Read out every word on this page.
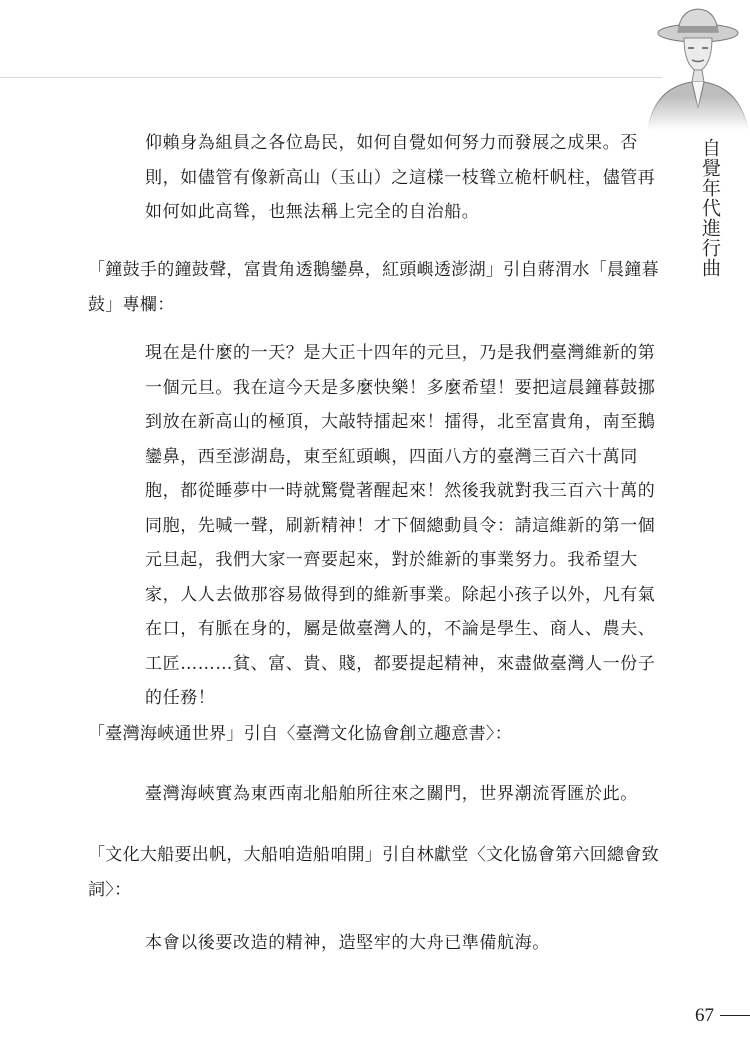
自覺年代進行曲
仰賴身為組員之各位島民，如何自覺如何努力而發展之成果。否則，如儘管有像新高山（玉山）之這樣一枝聳立桅杆帆柱，儘管再如何如此高聳，也無法稱上完全的自治船。
「鐘鼓手的鐘鼓聲，富貴角透鵝鑾鼻，紅頭嶼透澎湖」引自蔣渭水「晨鐘暮鼓」專欄：
現在是什麼的一天？是大正十四年的元旦，乃是我們臺灣維新的第一個元旦。我在這今天是多麼快樂！多麼希望！要把這晨鐘暮鼓挪到放在新高山的極頂，大敲特擂起來！擂得，北至富貴角，南至鵝鑾鼻，西至澎湖島，東至紅頭嶼，四面八方的臺灣三百六十萬同胞，都從睡夢中一時就驚覺著醒起來！然後我就對我三百六十萬的同胞，先喊一聲，刷新精神！才下個總動員令：請這維新的第一個元旦起，我們大家一齊要起來，對於維新的事業努力。我希望大家，人人去做那容易做得到的維新事業。除起小孩子以外，凡有氣在口，有脈在身的，屬是做臺灣人的，不論是學生、商人、農夫、工匠………貧、富、貴、賤，都要提起精神，來盡做臺灣人一份子的任務！
「臺灣海峽通世界」引自〈臺灣文化協會創立趣意書〉：
臺灣海峽實為東西南北船舶所往來之關門，世界潮流胥匯於此。
「文化大船要出帆，大船咱造船咱開」引自林獻堂〈文化協會第六回總會致詞〉：
本會以後要改造的精神，造堅牢的大舟已準備航海。
67
